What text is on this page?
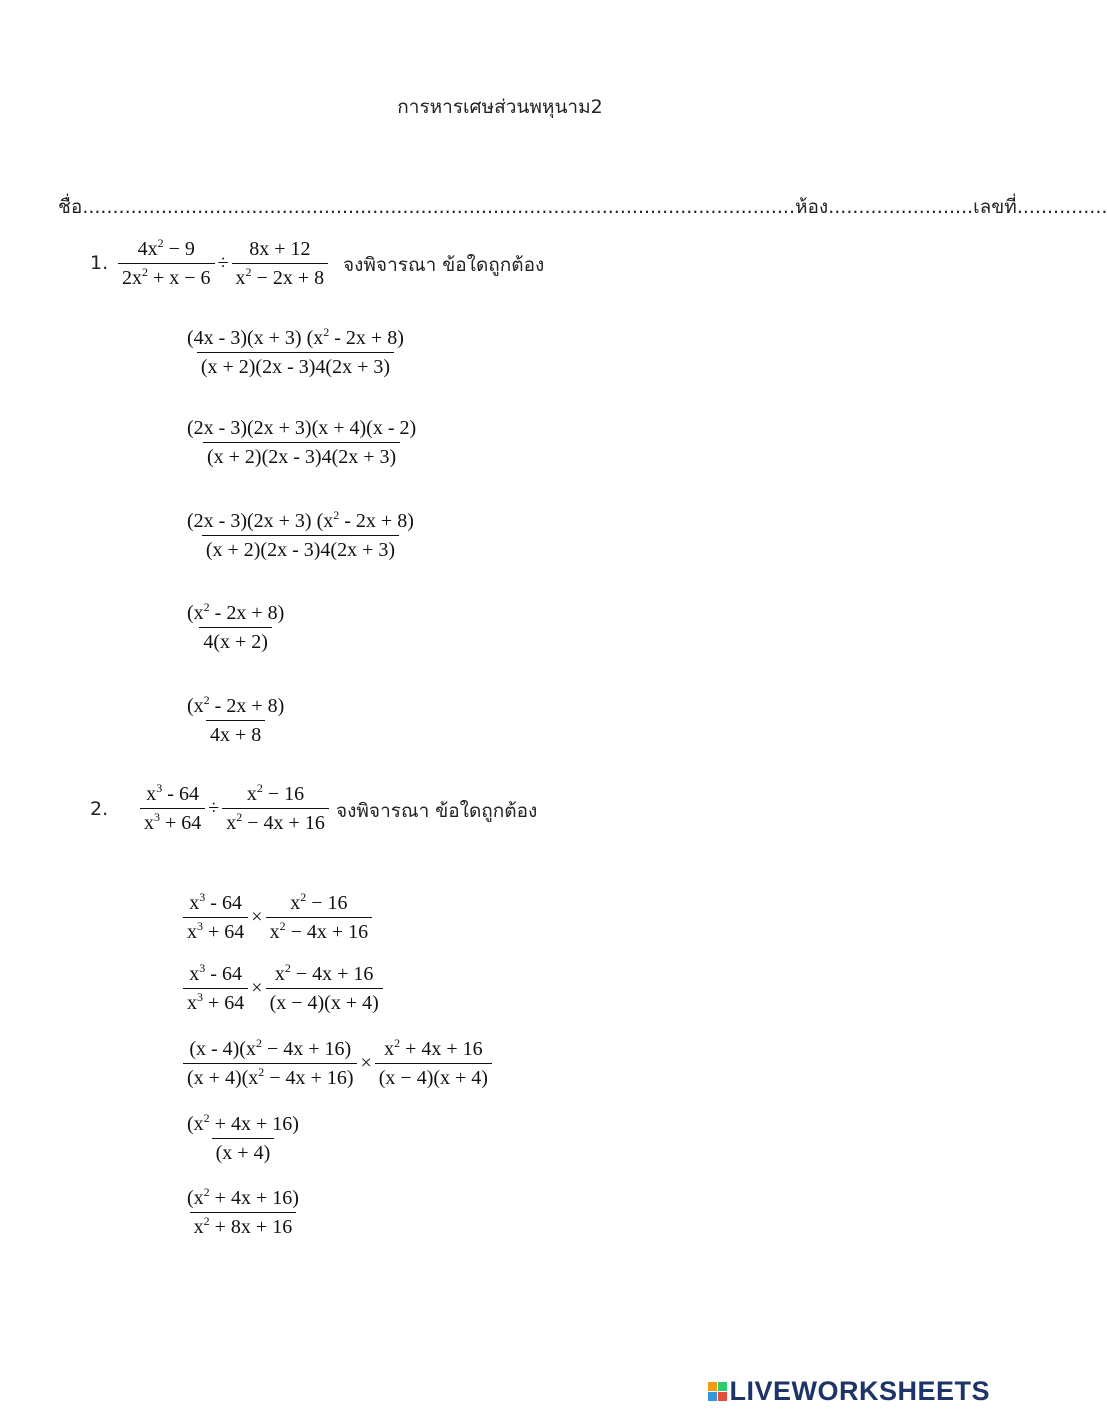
การหารเศษส่วนพหุนาม2
ชื่อ......................................................................................................................ห้อง........................เลขที่...............
1. $\frac{4x^2 - 9}{2x^2 + x - 6} \div \frac{8x + 12}{x^2 - 2x + 8}$ จงพิจารณา ข้อใดถูกต้อง
$\frac{(4x - 3)(x + 3) (x^2 - 2x + 8)}{(x + 2)(2x - 3)4(2x + 3)}$
$\frac{(2x - 3)(2x + 3)(x + 4)(x - 2)}{(x + 2)(2x - 3)4(2x + 3)}$
$\frac{(2x - 3)(2x + 3) (x^2 - 2x + 8)}{(x + 2)(2x - 3)4(2x + 3)}$
$\frac{(x^2 - 2x + 8)}{4(x + 2)}$
$\frac{(x^2 - 2x + 8)}{4x + 8}$
2. $\frac{x^3 - 64}{x^3 + 64} \div \frac{x^2 - 16}{x^2 - 4x + 16}$ จงพิจารณา ข้อใดถูกต้อง
$\frac{x^3 - 64}{x^3 + 64} \times \frac{x^2 - 16}{x^2 - 4x + 16}$
$\frac{x^3 - 64}{x^3 + 64} \times \frac{x^2 - 4x + 16}{(x - 4)(x + 4)}$
$\frac{(x - 4)(x^2 - 4x + 16)}{(x + 4)(x^2 - 4x + 16)} \times \frac{x^2 + 4x + 16}{(x - 4)(x + 4)}$
$\frac{(x^2 + 4x + 16)}{(x + 4)}$
$\frac{(x^2 + 4x + 16)}{x^2 + 8x + 16}$
LIVEWORKSHEETS
